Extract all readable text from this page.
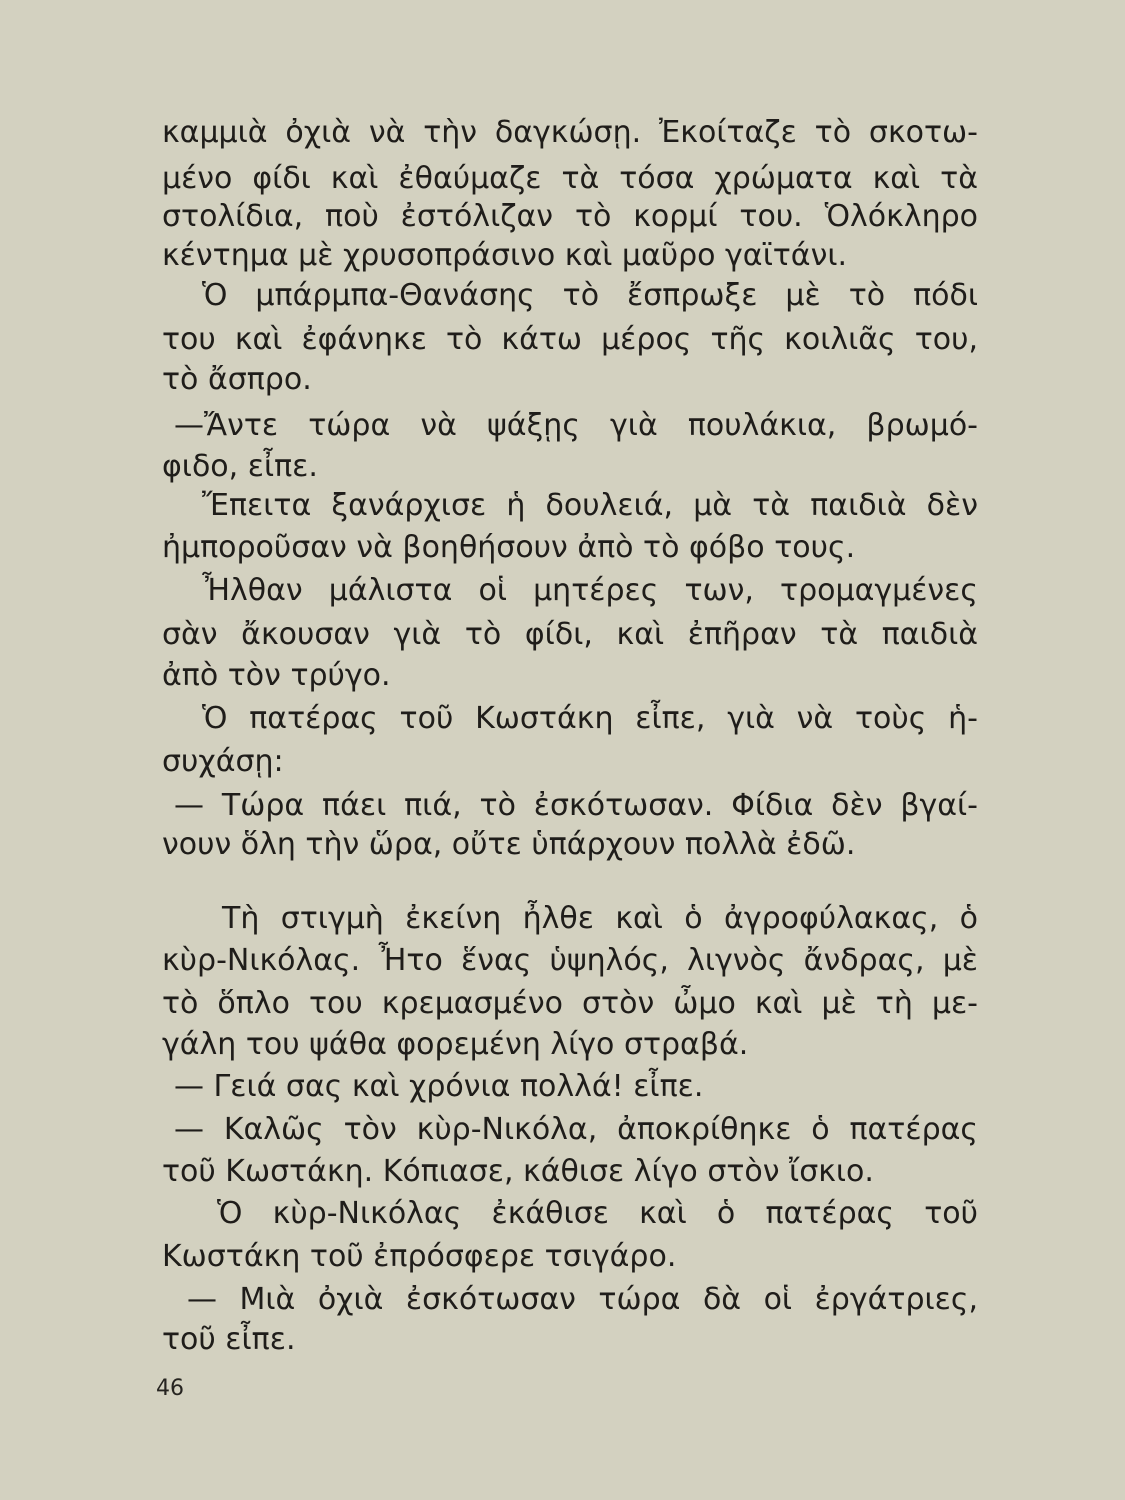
καμμιὰ ὀχιὰ νὰ τὴν δαγκώσῃ. Ἐκοίταζε τὸ σκοτω-
μένο φίδι καὶ ἐθαύμαζε τὰ τόσα χρώματα καὶ τὰ
στολίδια, ποὺ ἐστόλιζαν τὸ κορμί του. Ὁλόκληρο
κέντημα μὲ χρυσοπράσινο καὶ μαῦρο γαϊτάνι.
Ὁ μπάρμπα-Θανάσης τὸ ἔσπρωξε μὲ τὸ πόδι
του καὶ ἐφάνηκε τὸ κάτω μέρος τῆς κοιλιᾶς του,
τὸ ἄσπρο.
—Ἄντε τώρα νὰ ψάξῃς γιὰ πουλάκια, βρωμό-
φιδο, εἶπε.
Ἔπειτα ξανάρχισε ἡ δουλειά, μὰ τὰ παιδιὰ δὲν
ἠμποροῦσαν νὰ βοηθήσουν ἀπὸ τὸ φόβο τους.
Ἦλθαν μάλιστα οἱ μητέρες των, τρομαγμένες
σὰν ἄκουσαν γιὰ τὸ φίδι, καὶ ἐπῆραν τὰ παιδιὰ
ἀπὸ τὸν τρύγο.
Ὁ πατέρας τοῦ Κωστάκη εἶπε, γιὰ νὰ τοὺς ἡ-
συχάσῃ:
— Τώρα πάει πιά, τὸ ἐσκότωσαν. Φίδια δὲν βγαί-
νουν ὅλη τὴν ὥρα, οὔτε ὑπάρχουν πολλὰ ἐδῶ.
Τὴ στιγμὴ ἐκείνη ἦλθε καὶ ὁ ἀγροφύλακας, ὁ
κὺρ-Νικόλας. Ἦτο ἕνας ὑψηλός, λιγνὸς ἄνδρας, μὲ
τὸ ὅπλο του κρεμασμένο στὸν ὦμο καὶ μὲ τὴ με-
γάλη του ψάθα φορεμένη λίγο στραβά.
— Γειά σας καὶ χρόνια πολλά! εἶπε.
— Καλῶς τὸν κὺρ-Νικόλα, ἀποκρίθηκε ὁ πατέρας
τοῦ Κωστάκη. Κόπιασε, κάθισε λίγο στὸν ἴσκιο.
Ὁ κὺρ-Νικόλας ἐκάθισε καὶ ὁ πατέρας τοῦ
Κωστάκη τοῦ ἐπρόσφερε τσιγάρο.
— Μιὰ ὀχιὰ ἐσκότωσαν τώρα δὰ οἱ ἐργάτριες,
τοῦ εἶπε.
46
